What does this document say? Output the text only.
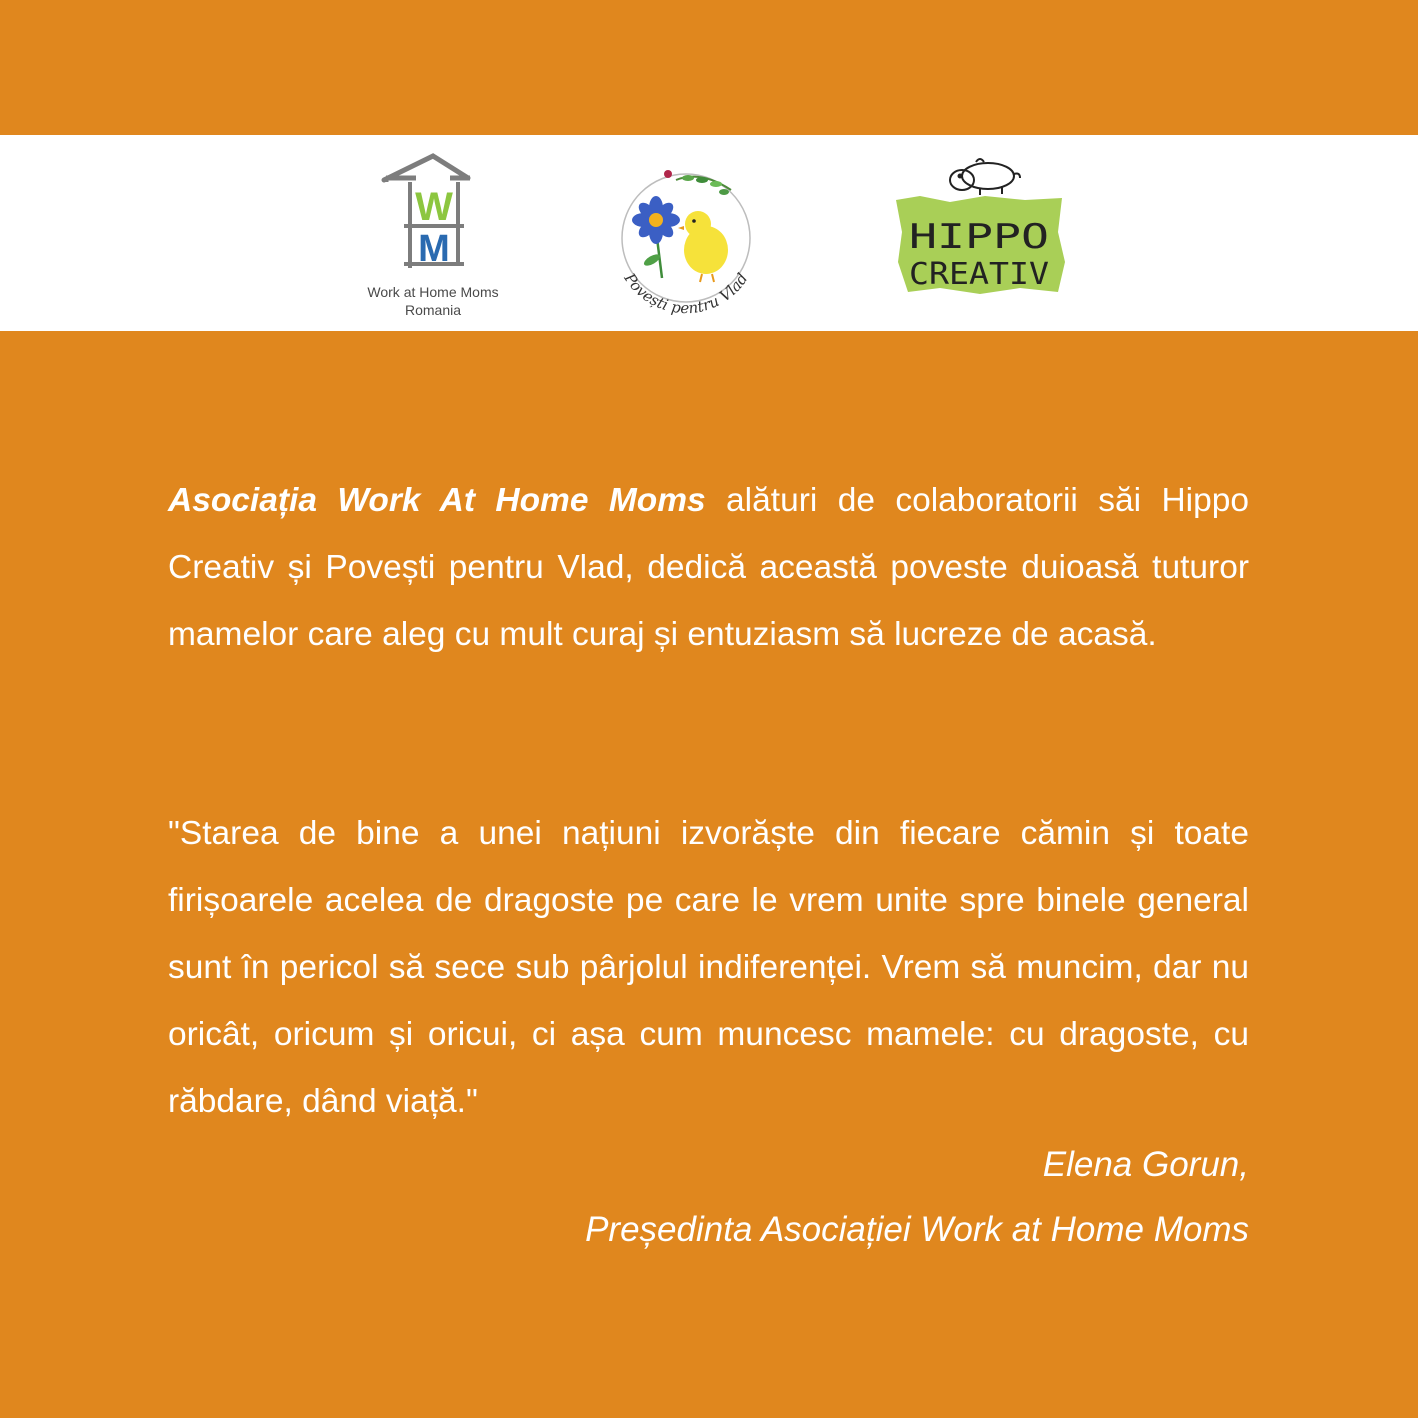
W
M
Work at Home Moms
Romania
Povești pentru Vlad
HIPPO
CREATIV

Asociația Work At Home Moms alături de colaboratorii săi Hippo Creativ și Povești pentru Vlad, dedică această poveste duioasă tuturor mamelor care aleg cu mult curaj și entuziasm să lucreze de acasă.

"Starea de bine a unei națiuni izvorăște din fiecare cămin și toate firișoarele acelea de dragoste pe care le vrem unite spre binele general sunt în pericol să sece sub pârjolul indiferenței. Vrem să muncim, dar nu oricât, oricum și oricui, ci așa cum muncesc mamele: cu dragoste, cu răbdare, dând viață."

Elena Gorun,
Președinta Asociației Work at Home Moms
